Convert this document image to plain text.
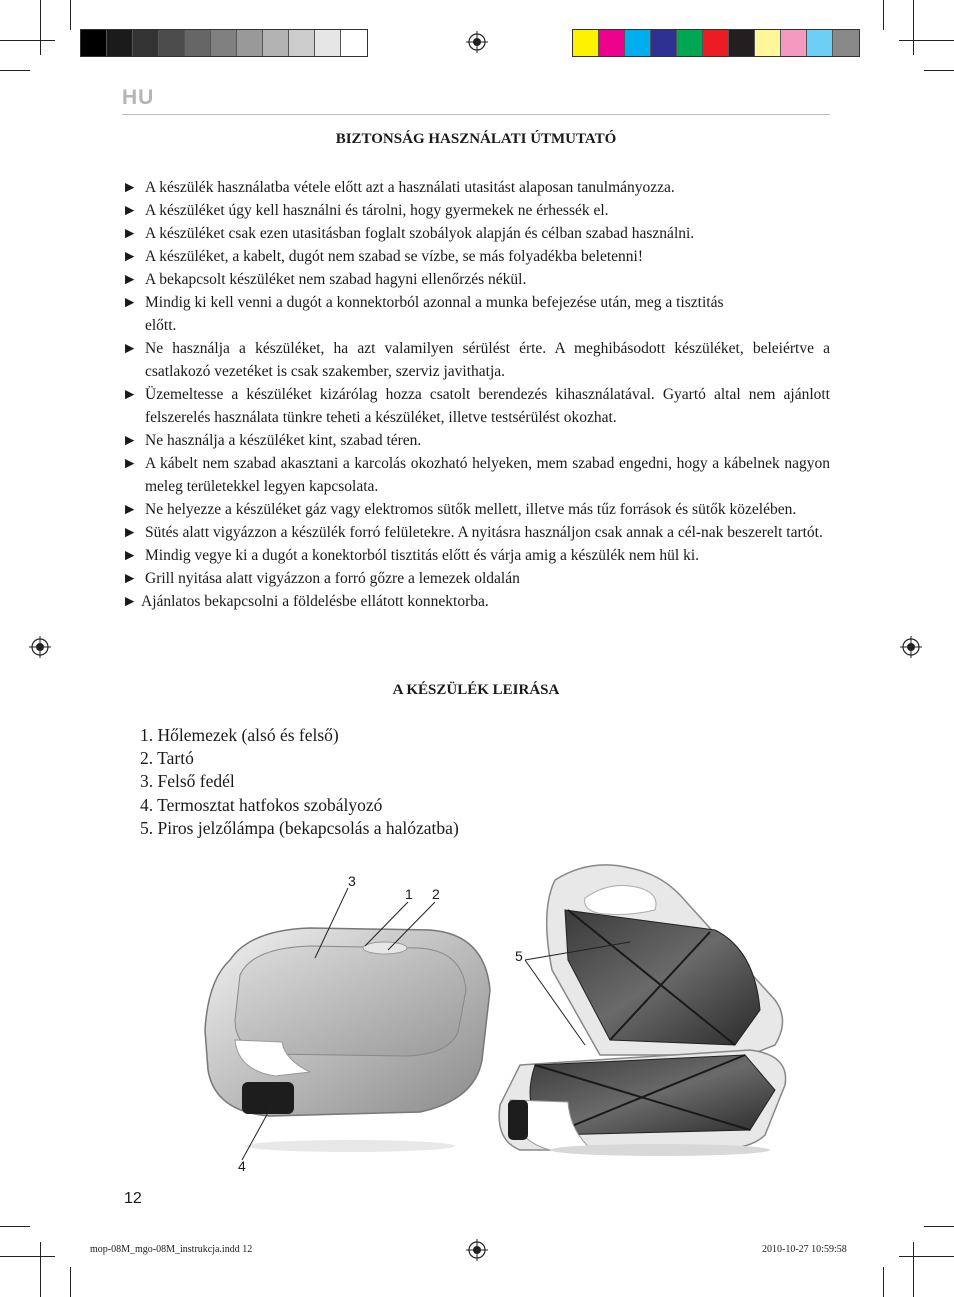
HU
BIZTONSÁG HASZNÁLATI ÚTMUTATÓ
► A készülék használatba vétele előtt azt a használati utasitást alaposan tanulmányozza.
► A készüléket úgy kell használni és tárolni, hogy gyermekek ne érhessék el.
► A készüléket csak ezen utasitásban foglalt szobályok alapján és célban szabad használni.
► A készüléket, a kabelt, dugót nem szabad se vízbe, se más folyadékba beletenni!
► A bekapcsolt készüléket nem szabad hagyni ellenőrzés nékül.
► Mindig ki kell venni a dugót a konnektorból azonnal a munka befejezése után, meg a tisztitás előtt.
► Ne használja a készüléket, ha azt valamilyen sérülést érte. A meghibásodott készüléket, beleiértve a csatlakozó vezetéket is csak szakember, szerviz javithatja.
► Üzemeltesse a készüléket kizárólag hozza csatolt berendezés kihasználatával. Gyartó altal nem ajánlott felszerelés használata tünkre teheti a készüléket, illetve testsérülést okozhat.
► Ne használja a készüléket kint, szabad téren.
► A kábelt nem szabad akasztani a karcolás okozható helyeken, mem szabad engedni, hogy a kábelnek nagyon meleg területekkel legyen kapcsolata.
► Ne helyezze a készüléket gáz vagy elektromos sütők mellett, illetve más tűz források és sütők közelében.
► Sütés alatt vigyázzon a készülék forró felületekre. A nyitásra használjon csak annak a cél-nak beszerelt tartót.
► Mindig vegye ki a dugót a konektorból tisztitás előtt és várja amig a készülék nem hül ki.
► Grill nyitása alatt vigyázzon a forró gőzre a lemezek oldalán
► Ajánlatos bekapcsolni a földelésbe ellátott konnektorba.
A KÉSZÜLÉK LEIRÁSA
1. Hőlemezek (alsó és felső)
2. Tartó
3. Felső fedél
4. Termosztat hatfokos szobályozó
5. Piros jelzőlámpa (bekapcsolás a halózatba)
3
1 2
5
4
12
mop-08M_mgo-08M_instrukcja.indd 12	2010-10-27 10:59:58
